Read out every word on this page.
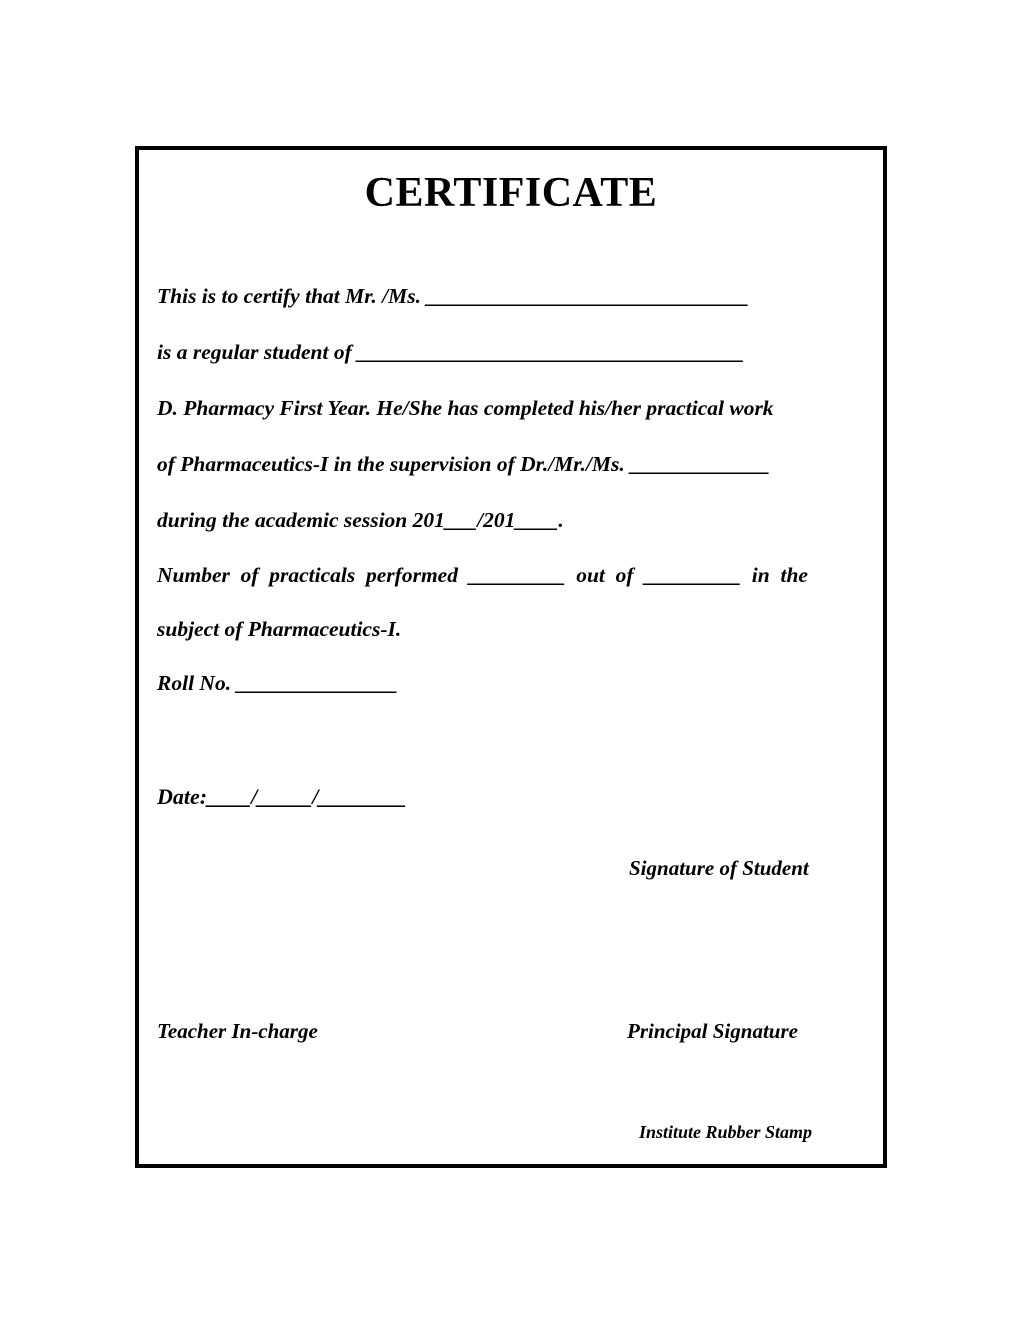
CERTIFICATE
This is to certify that Mr. /Ms. ______________________________
is a regular student of ____________________________________
D. Pharmacy First Year. He/She has completed his/her practical work
of Pharmaceutics-I in the supervision of Dr./Mr./Ms. _____________
during the academic session 201___/201____.
Number  of  practicals  performed  _________  out  of  _________  in  the
subject of Pharmaceutics-I.
Roll No. _______________
Date:____/_____/________
Signature of Student
Teacher In-charge	Principal Signature
Institute Rubber Stamp
